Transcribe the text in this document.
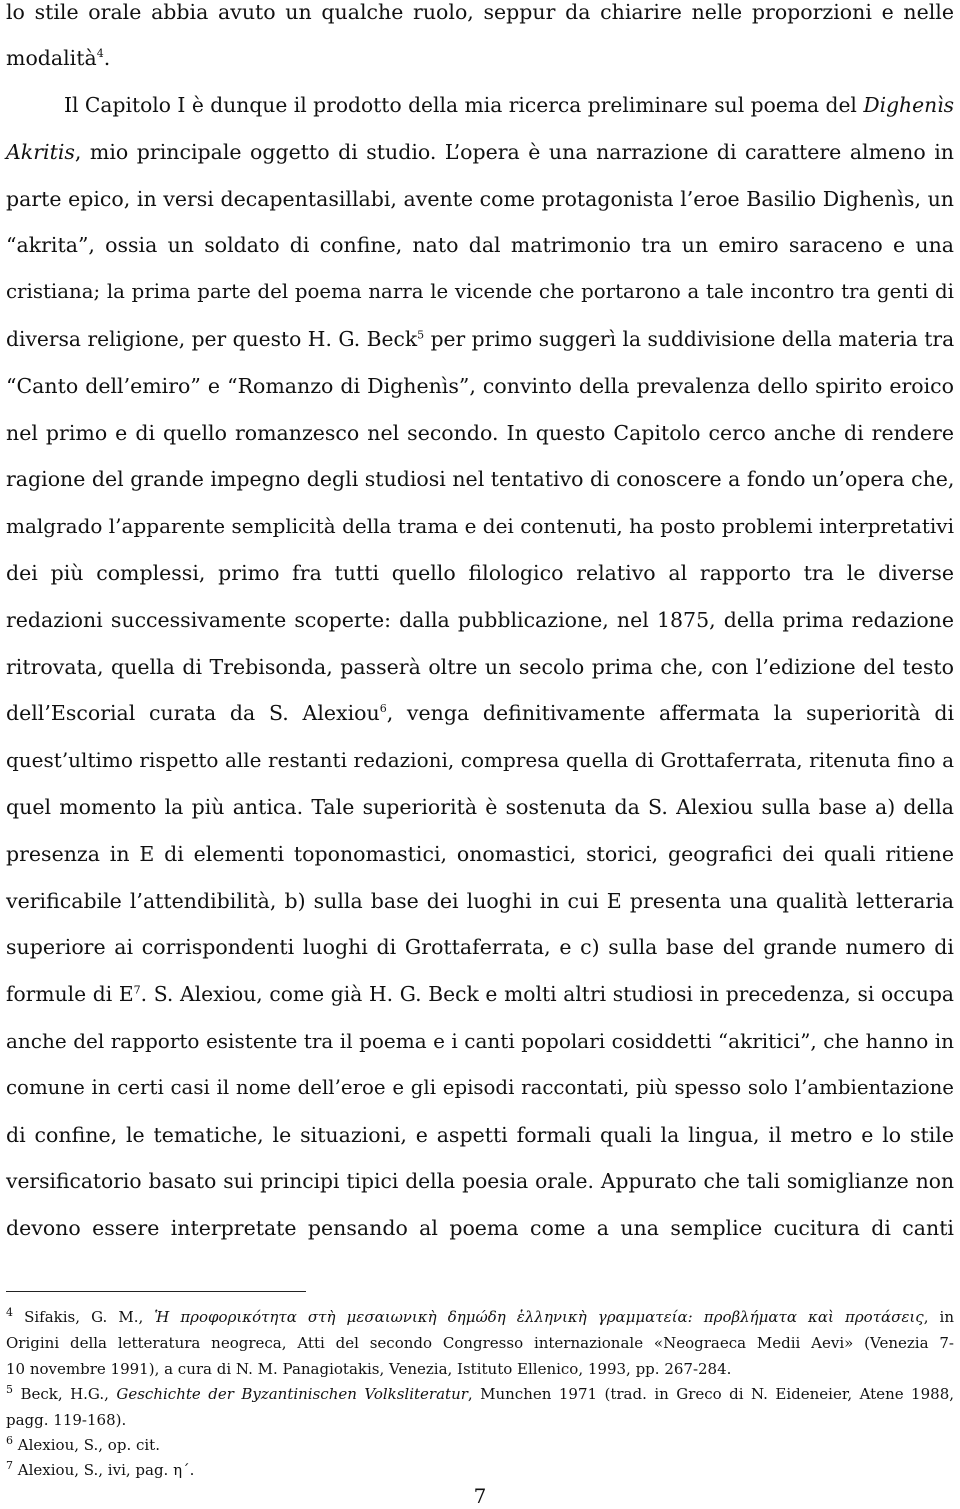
lo stile orale abbia avuto un qualche ruolo, seppur da chiarire nelle proporzioni e nelle
modalità$^4$.
Il Capitolo I è dunque il prodotto della mia ricerca preliminare sul poema del Dighenìs
Akritis, mio principale oggetto di studio. L’opera è una narrazione di carattere almeno in
parte epico, in versi decapentasillabi, avente come protagonista l’eroe Basilio Dighenìs, un
“akrita”, ossia un soldato di confine, nato dal matrimonio tra un emiro saraceno e una
cristiana; la prima parte del poema narra le vicende che portarono a tale incontro tra genti di
diversa religione, per questo H. G. Beck$^5$ per primo suggerì la suddivisione della materia tra
“Canto dell’emiro” e “Romanzo di Dighenìs”, convinto della prevalenza dello spirito eroico
nel primo e di quello romanzesco nel secondo. In questo Capitolo cerco anche di rendere
ragione del grande impegno degli studiosi nel tentativo di conoscere a fondo un’opera che,
malgrado l’apparente semplicità della trama e dei contenuti, ha posto problemi interpretativi
dei più complessi, primo fra tutti quello filologico relativo al rapporto tra le diverse
redazioni successivamente scoperte: dalla pubblicazione, nel 1875, della prima redazione
ritrovata, quella di Trebisonda, passerà oltre un secolo prima che, con l’edizione del testo
dell’Escorial curata da S. Alexiou$^6$, venga definitivamente affermata la superiorità di
quest’ultimo rispetto alle restanti redazioni, compresa quella di Grottaferrata, ritenuta fino a
quel momento la più antica. Tale superiorità è sostenuta da S. Alexiou sulla base a) della
presenza in E di elementi toponomastici, onomastici, storici, geografici dei quali ritiene
verificabile l’attendibilità, b) sulla base dei luoghi in cui E presenta una qualità letteraria
superiore ai corrispondenti luoghi di Grottaferrata, e c) sulla base del grande numero di
formule di $E^7$. S. Alexiou, come già H. G. Beck e molti altri studiosi in precedenza, si occupa
anche del rapporto esistente tra il poema e i canti popolari cosiddetti “akritici”, che hanno in
comune in certi casi il nome dell’eroe e gli episodi raccontati, più spesso solo l’ambientazione
di confine, le tematiche, le situazioni, e aspetti formali quali la lingua, il metro e lo stile
versificatorio basato sui principi tipici della poesia orale. Appurato che tali somiglianze non
devono essere interpretate pensando al poema come a una semplice cucitura di canti
$^4$ Sifakis, G. M., Ἡ προφορικότητα στὴ μεσαιωνικὴ δημώδη ἑλληνικὴ γραμματεία: προβλήματα καὶ προτάσεις, in
Origini della letteratura neogreca, Atti del secondo Congresso internazionale «Neograeca Medii Aevi» (Venezia 7-
10 novembre 1991), a cura di N. M. Panagiotakis, Venezia, Istituto Ellenico, 1993, pp. 267-284.
$^5$ Beck, H.G., Geschichte der Byzantinischen Volksliteratur, Munchen 1971 (trad. in Greco di N. Eideneier, Atene 1988,
pagg. 119-168).
$^6$ Alexiou, S., op. cit.
$^7$ Alexiou, S., ivi, pag. η΄.
7
